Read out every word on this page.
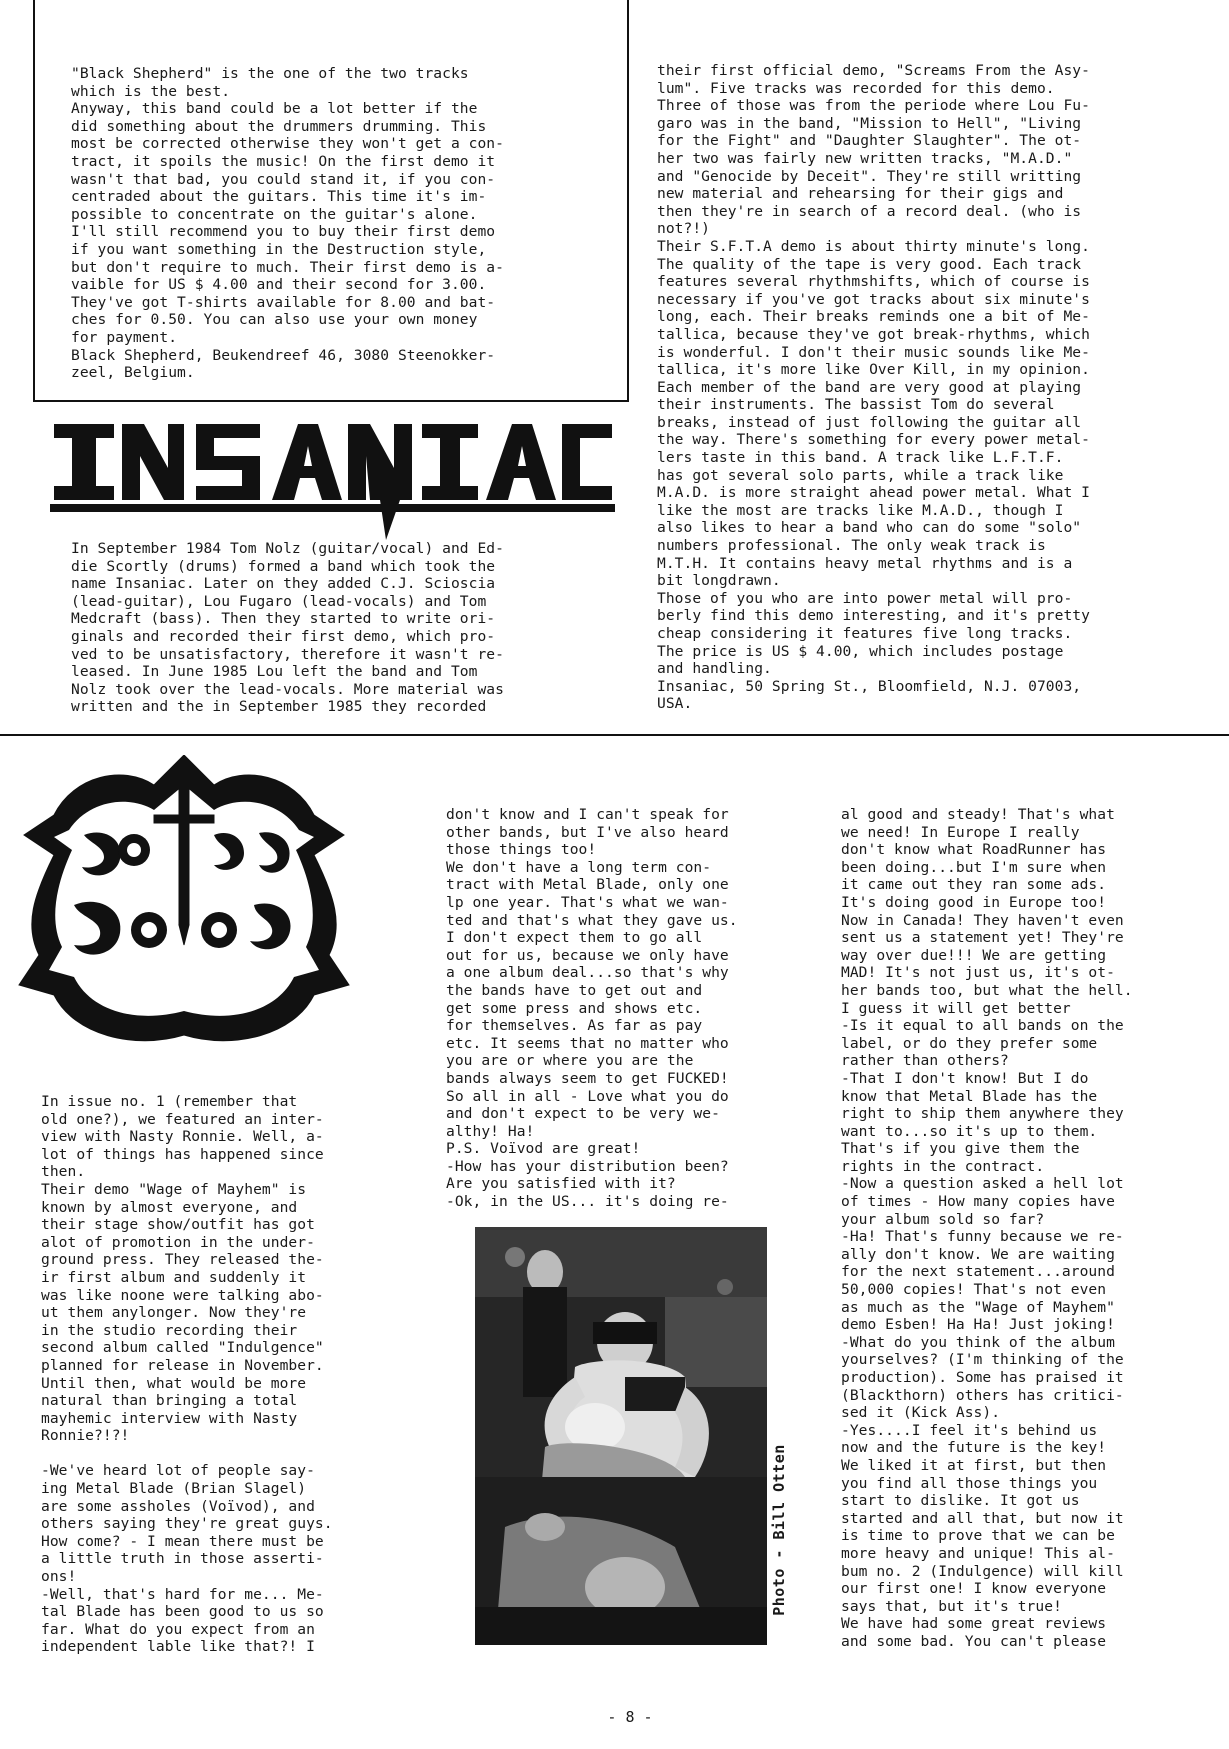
"Black Shepherd" is the one of the two tracks
which is the best.
Anyway, this band could be a lot better if the
did something about the drummers drumming. This
most be corrected otherwise they won't get a con-
tract, it spoils the music! On the first demo it
wasn't that bad, you could stand it, if you con-
centraded about the guitars. This time it's im-
possible to concentrate on the guitar's alone.
I'll still recommend you to buy their first demo
if you want something in the Destruction style,
but don't require to much. Their first demo is a-
vaible for US $ 4.00 and their second for 3.00.
They've got T-shirts available for 8.00 and bat-
ches for 0.50. You can also use your own money
for payment.
Black Shepherd, Beukendreef 46, 3080 Steenokker-
zeel, Belgium.
In September 1984 Tom Nolz (guitar/vocal) and Ed-
die Scortly (drums) formed a band which took the
name Insaniac. Later on they added C.J. Scioscia
(lead-guitar), Lou Fugaro (lead-vocals) and Tom
Medcraft (bass). Then they started to write ori-
ginals and recorded their first demo, which pro-
ved to be unsatisfactory, therefore it wasn't re-
leased. In June 1985 Lou left the band and Tom
Nolz took over the lead-vocals. More material was
written and the in September 1985 they recorded
their first official demo, "Screams From the Asy-
lum". Five tracks was recorded for this demo.
Three of those was from the periode where Lou Fu-
garo was in the band, "Mission to Hell", "Living
for the Fight" and "Daughter Slaughter". The ot-
her two was fairly new written tracks, "M.A.D."
and "Genocide by Deceit". They're still writting
new material and rehearsing for their gigs and
then they're in search of a record deal. (who is
not?!)
Their S.F.T.A demo is about thirty minute's long.
The quality of the tape is very good. Each track
features several rhythmshifts, which of course is
necessary if you've got tracks about six minute's
long, each. Their breaks reminds one a bit of Me-
tallica, because they've got break-rhythms, which
is wonderful. I don't their music sounds like Me-
tallica, it's more like Over Kill, in my opinion.
Each member of the band are very good at playing
their instruments. The bassist Tom do several
breaks, instead of just following the guitar all
the way. There's something for every power metal-
lers taste in this band. A track like L.F.T.F.
has got several solo parts, while a track like
M.A.D. is more straight ahead power metal. What I
like the most are tracks like M.A.D., though I
also likes to hear a band who can do some "solo"
numbers professional. The only weak track is
M.T.H. It contains heavy metal rhythms and is a
bit longdrawn.
Those of you who are into power metal will pro-
berly find this demo interesting, and it's pretty
cheap considering it features five long tracks.
The price is US $ 4.00, which includes postage
and handling.
Insaniac, 50 Spring St., Bloomfield, N.J. 07003,
USA.
In issue no. 1 (remember that
old one?), we featured an inter-
view with Nasty Ronnie. Well, a-
lot of things has happened since
then.
Their demo "Wage of Mayhem" is
known by almost everyone, and
their stage show/outfit has got
alot of promotion in the under-
ground press. They released the-
ir first album and suddenly it
was like noone were talking abo-
ut them anylonger. Now they're
in the studio recording their
second album called "Indulgence"
planned for release in November.
Until then, what would be more
natural than bringing a total
mayhemic interview with Nasty
Ronnie?!?!

-We've heard lot of people say-
ing Metal Blade (Brian Slagel)
are some assholes (Voïvod), and
others saying they're great guys.
How come? - I mean there must be
a little truth in those asserti-
ons!
-Well, that's hard for me... Me-
tal Blade has been good to us so
far. What do you expect from an
independent lable like that?! I
don't know and I can't speak for
other bands, but I've also heard
those things too!
We don't have a long term con-
tract with Metal Blade, only one
lp one year. That's what we wan-
ted and that's what they gave us.
I don't expect them to go all
out for us, because we only have
a one album deal...so that's why
the bands have to get out and
get some press and shows etc.
for themselves. As far as pay
etc. It seems that no matter who
you are or where you are the
bands always seem to get FUCKED!
So all in all - Love what you do
and don't expect to be very we-
althy! Ha!
P.S. Voïvod are great!
-How has your distribution been?
Are you satisfied with it?
-Ok, in the US... it's doing re-
al good and steady! That's what
we need! In Europe I really
don't know what RoadRunner has
been doing...but I'm sure when
it came out they ran some ads.
It's doing good in Europe too!
Now in Canada! They haven't even
sent us a statement yet! They're
way over due!!! We are getting
MAD! It's not just us, it's ot-
her bands too, but what the hell.
I guess it will get better
-Is it equal to all bands on the
label, or do they prefer some
rather than others?
-That I don't know! But I do
know that Metal Blade has the
right to ship them anywhere they
want to...so it's up to them.
That's if you give them the
rights in the contract.
-Now a question asked a hell lot
of times - How many copies have
your album sold so far?
-Ha! That's funny because we re-
ally don't know. We are waiting
for the next statement...around
50,000 copies! That's not even
as much as the "Wage of Mayhem"
demo Esben! Ha Ha! Just joking!
-What do you think of the album
yourselves? (I'm thinking of the
production). Some has praised it
(Blackthorn) others has critici-
sed it (Kick Ass).
-Yes....I feel it's behind us
now and the future is the key!
We liked it at first, but then
you find all those things you
start to dislike. It got us
started and all that, but now it
is time to prove that we can be
more heavy and unique! This al-
bum no. 2 (Indulgence) will kill
our first one! I know everyone
says that, but it's true!
We have had some great reviews
and some bad. You can't please
Photo - Bill Otten
- 8 -
